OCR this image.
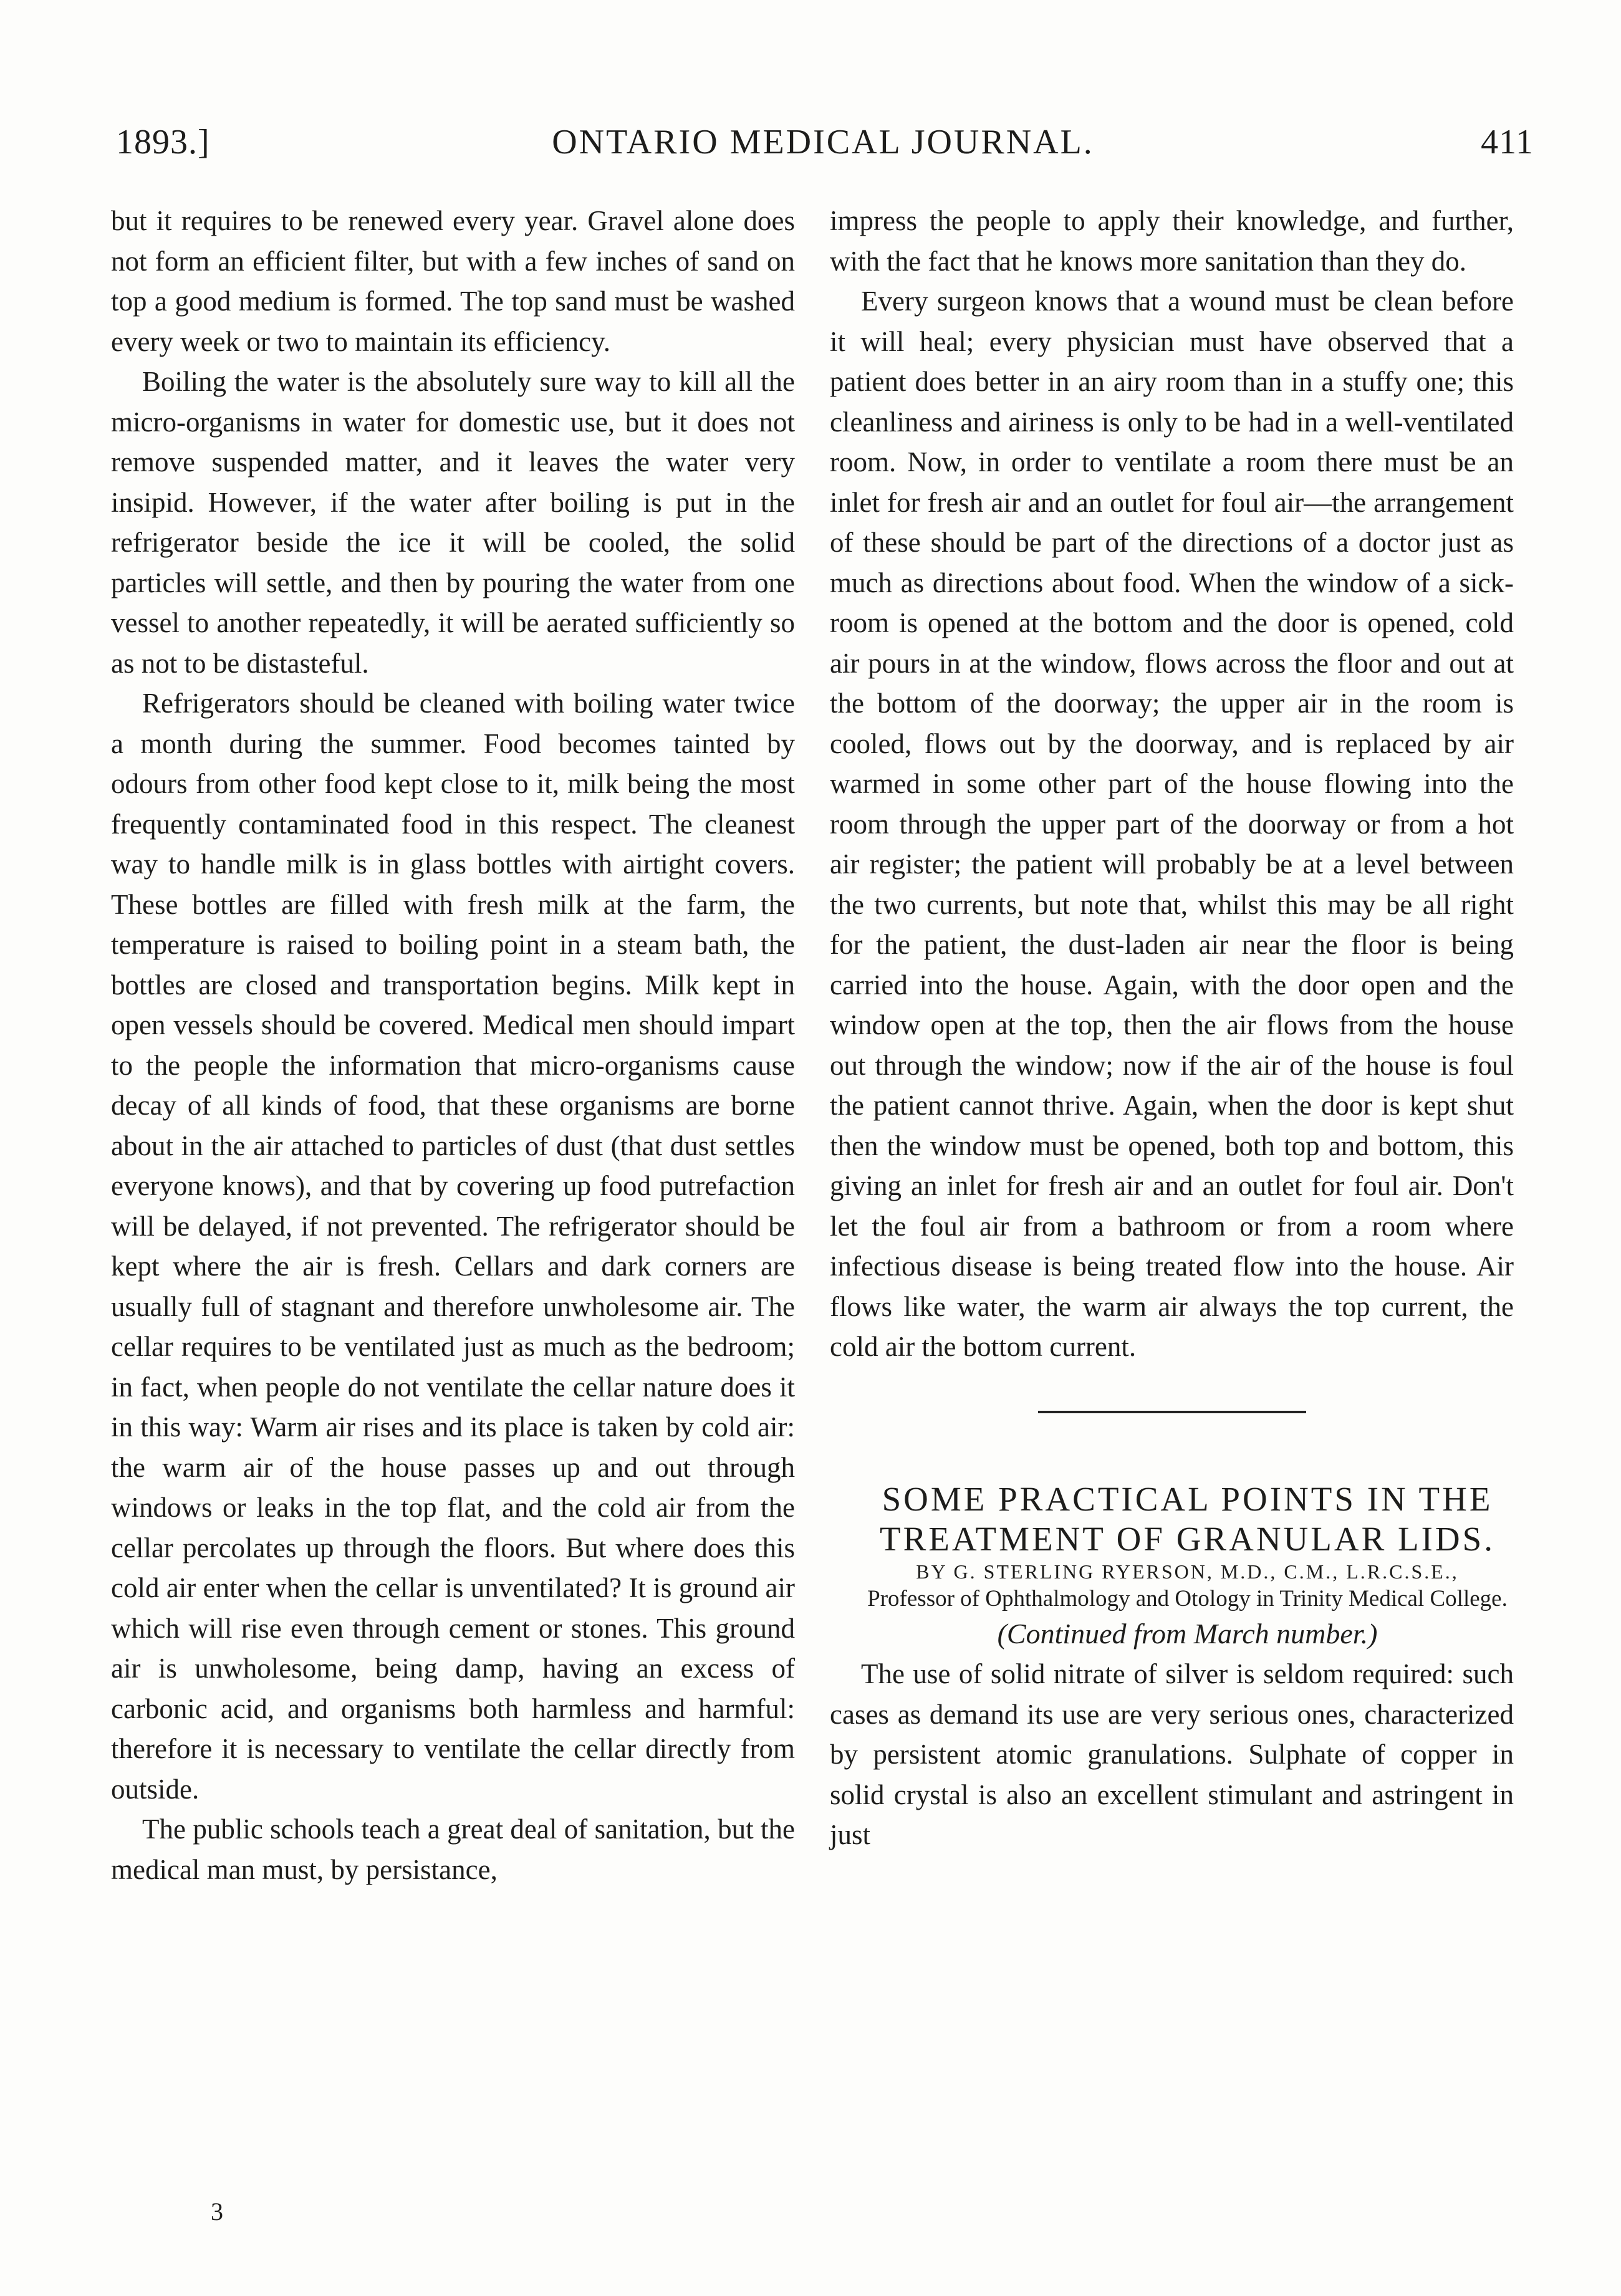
1893.]	ONTARIO MEDICAL JOURNAL.	411

but it requires to be renewed every year. Gravel alone does not form an efficient filter, but with a few inches of sand on top a good medium is formed. The top sand must be washed every week or two to maintain its efficiency.

Boiling the water is the absolutely sure way to kill all the micro-organisms in water for domestic use, but it does not remove suspended matter, and it leaves the water very insipid. However, if the water after boiling is put in the refrigerator beside the ice it will be cooled, the solid particles will settle, and then by pouring the water from one vessel to another repeatedly, it will be aerated sufficiently so as not to be distasteful.

Refrigerators should be cleaned with boiling water twice a month during the summer. Food becomes tainted by odours from other food kept close to it, milk being the most frequently contaminated food in this respect. The cleanest way to handle milk is in glass bottles with airtight covers. These bottles are filled with fresh milk at the farm, the temperature is raised to boiling point in a steam bath, the bottles are closed and transportation begins. Milk kept in open vessels should be covered. Medical men should impart to the people the information that micro-organisms cause decay of all kinds of food, that these organisms are borne about in the air attached to particles of dust (that dust settles everyone knows), and that by covering up food putrefaction will be delayed, if not prevented. The refrigerator should be kept where the air is fresh. Cellars and dark corners are usually full of stagnant and therefore unwholesome air. The cellar requires to be ventilated just as much as the bedroom; in fact, when people do not ventilate the cellar nature does it in this way: Warm air rises and its place is taken by cold air: the warm air of the house passes up and out through windows or leaks in the top flat, and the cold air from the cellar percolates up through the floors. But where does this cold air enter when the cellar is unventilated? It is ground air which will rise even through cement or stones. This ground air is unwholesome, being damp, having an excess of carbonic acid, and organisms both harmless and harmful: therefore it is necessary to ventilate the cellar directly from outside.

The public schools teach a great deal of sanitation, but the medical man must, by persistance,

impress the people to apply their knowledge, and further, with the fact that he knows more sanitation than they do.

Every surgeon knows that a wound must be clean before it will heal; every physician must have observed that a patient does better in an airy room than in a stuffy one; this cleanliness and airiness is only to be had in a well-ventilated room. Now, in order to ventilate a room there must be an inlet for fresh air and an outlet for foul air—the arrangement of these should be part of the directions of a doctor just as much as directions about food. When the window of a sick-room is opened at the bottom and the door is opened, cold air pours in at the window, flows across the floor and out at the bottom of the doorway; the upper air in the room is cooled, flows out by the doorway, and is replaced by air warmed in some other part of the house flowing into the room through the upper part of the doorway or from a hot air register; the patient will probably be at a level between the two currents, but note that, whilst this may be all right for the patient, the dust-laden air near the floor is being carried into the house. Again, with the door open and the window open at the top, then the air flows from the house out through the window; now if the air of the house is foul the patient cannot thrive. Again, when the door is kept shut then the window must be opened, both top and bottom, this giving an inlet for fresh air and an outlet for foul air. Don't let the foul air from a bathroom or from a room where infectious disease is being treated flow into the house. Air flows like water, the warm air always the top current, the cold air the bottom current.

SOME PRACTICAL POINTS IN THE

TREATMENT OF GRANULAR LIDS.

BY G. STERLING RYERSON, M.D., C.M., L.R.C.S.E.,

Professor of Ophthalmology and Otology in Trinity Medical College.

(Continued from March number.)

The use of solid nitrate of silver is seldom required: such cases as demand its use are very serious ones, characterized by persistent atomic granulations. Sulphate of copper in solid crystal is also an excellent stimulant and astringent in just

3
